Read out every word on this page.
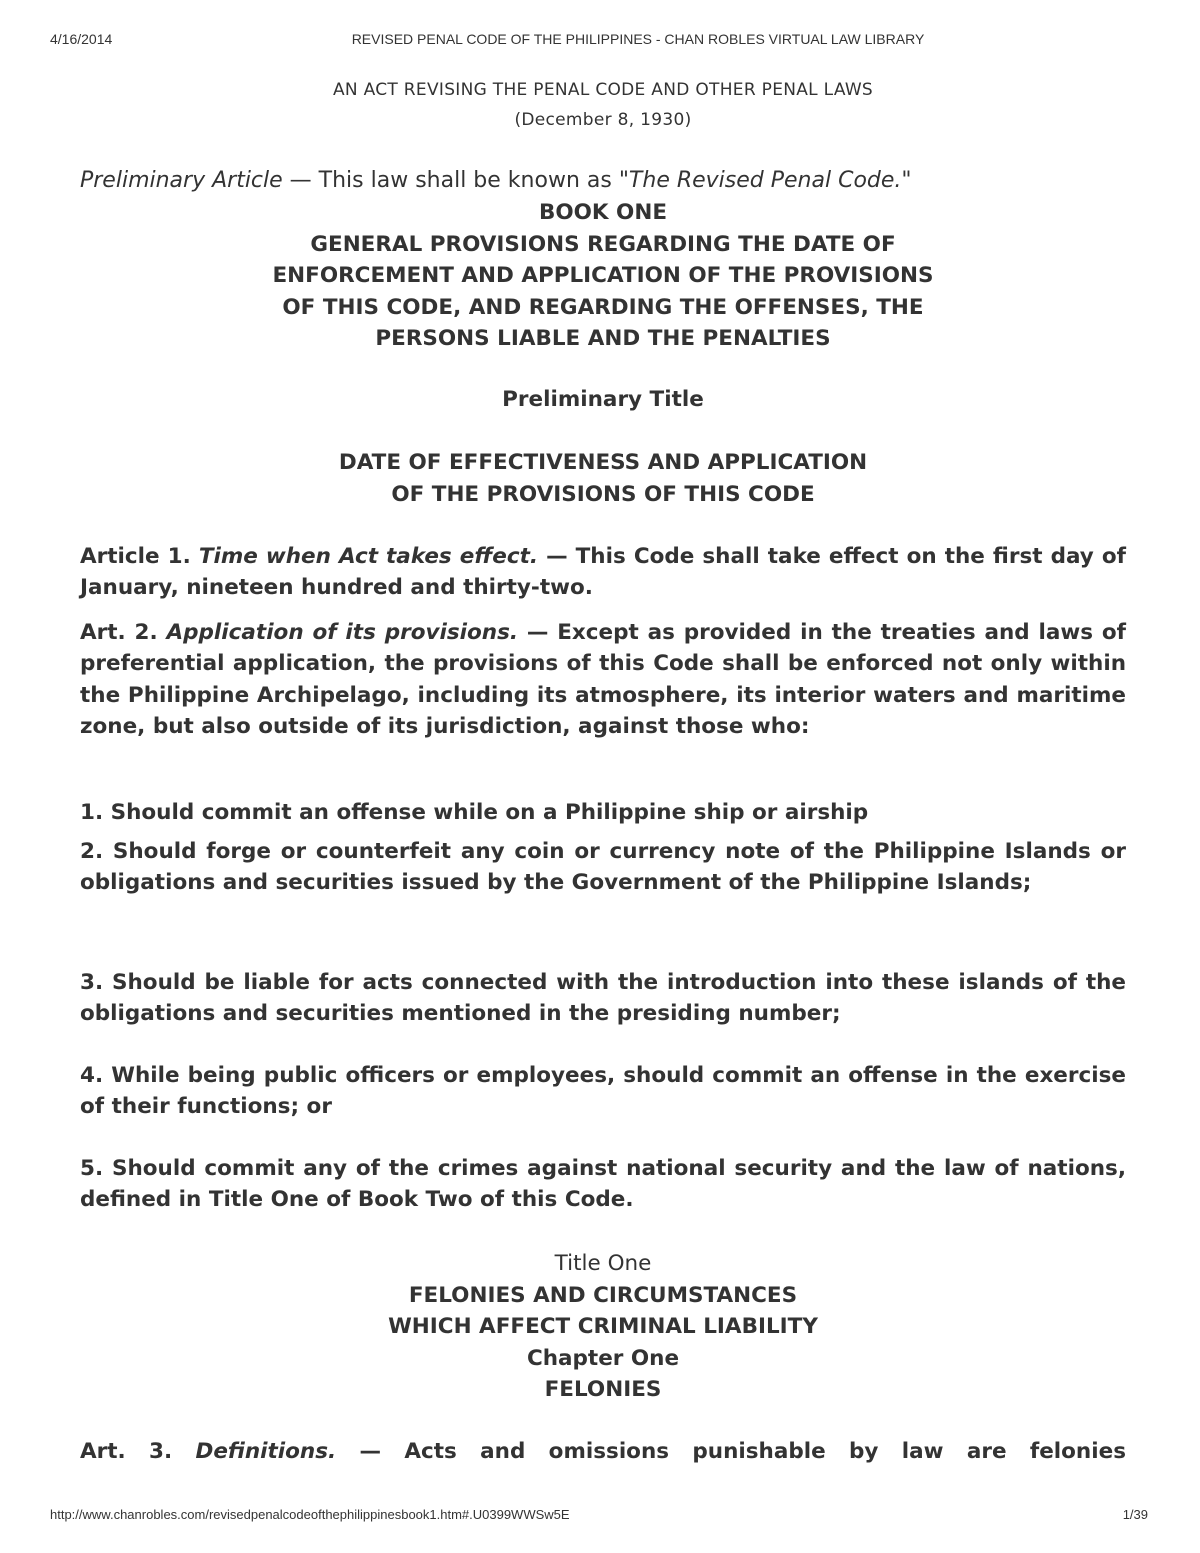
4/16/2014	REVISED PENAL CODE OF THE PHILIPPINES - CHAN ROBLES VIRTUAL LAW LIBRARY
AN ACT REVISING THE PENAL CODE AND OTHER PENAL LAWS
(December 8, 1930)
Preliminary Article — This law shall be known as "The Revised Penal Code."
BOOK ONE
GENERAL PROVISIONS REGARDING THE DATE OF
ENFORCEMENT AND APPLICATION OF THE PROVISIONS
OF THIS CODE, AND REGARDING THE OFFENSES, THE
PERSONS LIABLE AND THE PENALTIES
Preliminary Title
DATE OF EFFECTIVENESS AND APPLICATION
OF THE PROVISIONS OF THIS CODE
Article 1. Time when Act takes effect. — This Code shall take effect on the first day of January, nineteen hundred and thirty-two.
Art. 2. Application of its provisions. — Except as provided in the treaties and laws of preferential application, the provisions of this Code shall be enforced not only within the Philippine Archipelago, including its atmosphere, its interior waters and maritime zone, but also outside of its jurisdiction, against those who:
1. Should commit an offense while on a Philippine ship or airship
2. Should forge or counterfeit any coin or currency note of the Philippine Islands or obligations and securities issued by the Government of the Philippine Islands;
3. Should be liable for acts connected with the introduction into these islands of the obligations and securities mentioned in the presiding number;
4. While being public officers or employees, should commit an offense in the exercise of their functions; or
5. Should commit any of the crimes against national security and the law of nations, defined in Title One of Book Two of this Code.
Title One
FELONIES AND CIRCUMSTANCES
WHICH AFFECT CRIMINAL LIABILITY
Chapter One
FELONIES
Art. 3. Definitions. — Acts and omissions punishable by law are felonies
http://www.chanrobles.com/revisedpenalcodeofthephilippinesbook1.htm#.U0399WWSw5E	1/39
